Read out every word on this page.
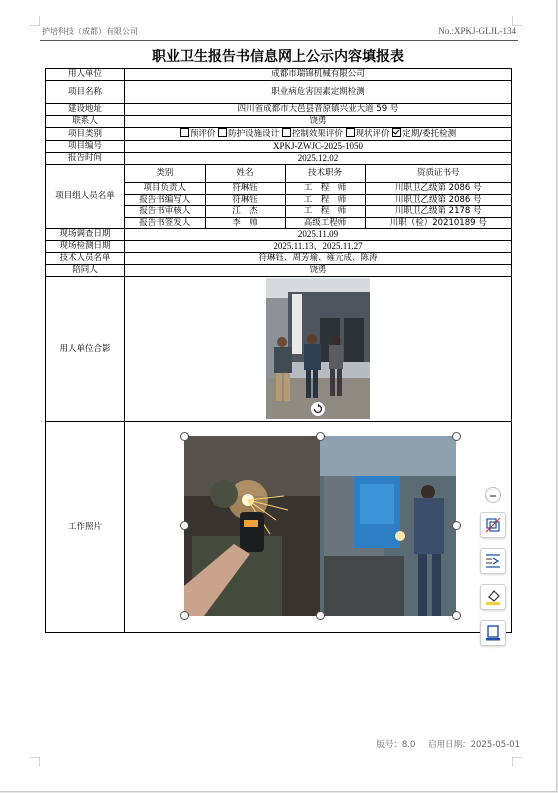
护培科技（成都）有限公司	No.:XPKJ-GLJL-134
职业卫生报告书信息网上公示内容填报表
用人单位	成都市瑞锦机械有限公司
项目名称	职业病危害因素定期检测
建设地址	四川省成都市大邑县晋原镇兴业大道 59 号
联系人	饶勇
项目类别	预评价 防护设施设计 控制效果评价 现状评价 定期/委托检测
项目编号	XPKJ-ZWJC-2025-1050
报告时间	2025.12.02
项目组人员名单	
类别	姓名	技术职务	资质证书号
项目负责人	符琳钰	工　程　师	川职卫乙级第 2086 号
报告书编写人	符琳钰	工　程　师	川职卫乙级第 2086 号
报告书审核人	江　杰	工　程　师	川职卫乙级第 2178 号
报告书签发人	李　帅	高级工程师	川职（检）20210189 号

现场调查日期	2025.11.09
现场检测日期	2025.11.13、2025.11.27
技术人员名单	符琳钰、周芳瑜、雍元成、陈涛
陪同人	饶勇
用人单位合影	

工作照片	
版号：8.0 启用日期：2025-05-01
